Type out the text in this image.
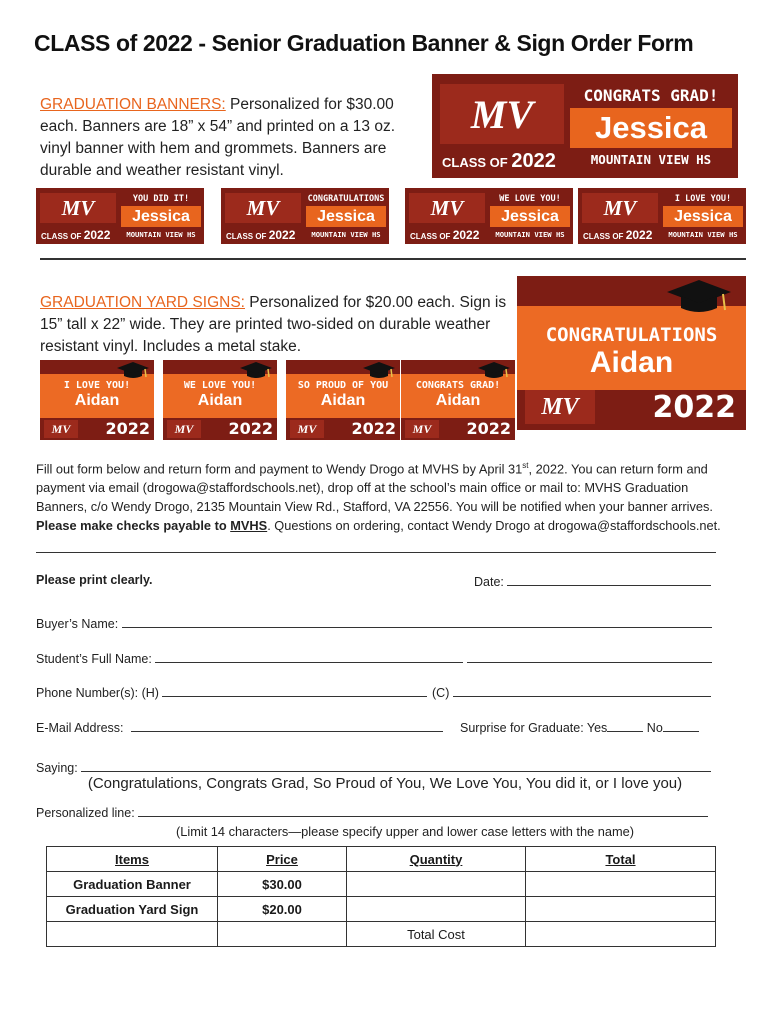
CLASS of 2022 - Senior Graduation Banner & Sign Order Form
GRADUATION BANNERS: Personalized for $30.00 each. Banners are 18” x 54” and printed on a 13 oz. vinyl banner with hem and grommets. Banners are durable and weather resistant vinyl.
MV
CLASS OF 2022
CONGRATS GRAD!
Jessica
MOUNTAIN VIEW HS
MV
CLASS OF 2022
YOU DID IT!
Jessica
MOUNTAIN VIEW HS
MV
CLASS OF 2022
CONGRATULATIONS
Jessica
MOUNTAIN VIEW HS
MV
CLASS OF 2022
WE LOVE YOU!
Jessica
MOUNTAIN VIEW HS
MV
CLASS OF 2022
I LOVE YOU!
Jessica
MOUNTAIN VIEW HS
GRADUATION YARD SIGNS: Personalized for $20.00 each. Sign is 15” tall x 22” wide. They are printed two-sided on durable weather resistant vinyl. Includes a metal stake.
CONGRATULATIONS
Aidan
MV	2022
I LOVE YOU!
Aidan
MV	2022
WE LOVE YOU!
Aidan
MV	2022
SO PROUD OF YOU
Aidan
MV	2022
CONGRATS GRAD!
Aidan
MV	2022
Fill out form below and return form and payment to Wendy Drogo at MVHS by April 31st, 2022. You can return form and payment via email (drogowa@staffordschools.net), drop off at the school’s main office or mail to: MVHS Graduation Banners, c/o Wendy Drogo, 2135 Mountain View Rd., Stafford, VA 22556. You will be notified when your banner arrives. Please make checks payable to MVHS. Questions on ordering, contact Wendy Drogo at drogowa@staffordschools.net.
Please print clearly.	Date:
Buyer’s Name:
Student’s Full Name:
Phone Number(s): (H)	(C)
E-Mail Address:	Surprise for Graduate: Yes	No
Saying:
(Congratulations, Congrats Grad, So Proud of You, We Love You, You did it, or I love you)
Personalized line:
(Limit 14 characters—please specify upper and lower case letters with the name)
Items	Price	Quantity	Total
Graduation Banner	$30.00		
Graduation Yard Sign	$20.00		
		Total Cost	
